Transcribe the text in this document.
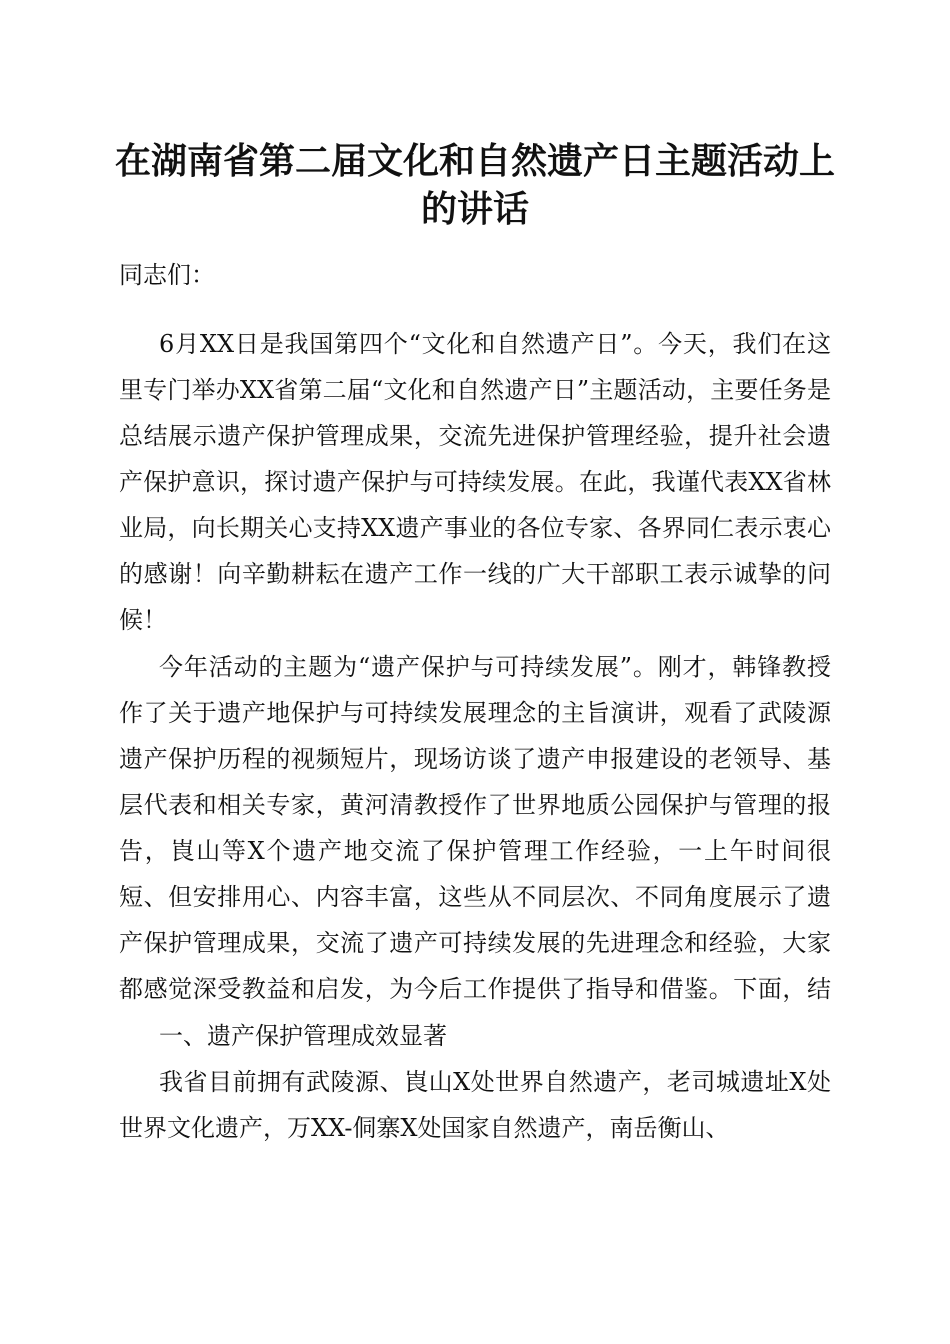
在湖南省第二届文化和自然遗产日主题活动上
的讲话

同志们：

6月XX日是我国第四个“文化和自然遗产日”。今天，我们在这里专门举办XX省第二届“文化和自然遗产日”主题活动，主要任务是总结展示遗产保护管理成果，交流先进保护管理经验，提升社会遗产保护意识，探讨遗产保护与可持续发展。在此，我谨代表XX省林业局，向长期关心支持XX遗产事业的各位专家、各界同仁表示衷心的感谢！向辛勤耕耘在遗产工作一线的广大干部职工表示诚挚的问候！

今年活动的主题为“遗产保护与可持续发展”。刚才，韩锋教授作了关于遗产地保护与可持续发展理念的主旨演讲，观看了武陵源遗产保护历程的视频短片，现场访谈了遗产申报建设的老领导、基层代表和相关专家，黄河清教授作了世界地质公园保护与管理的报告，崀山等X个遗产地交流了保护管理工作经验，一上午时间很短、但安排用心、内容丰富，这些从不同层次、不同角度展示了遗产保护管理成果，交流了遗产可持续发展的先进理念和经验，大家都感觉深受教益和启发，为今后工作提供了指导和借鉴。下面，结

一、遗产保护管理成效显著

我省目前拥有武陵源、崀山X处世界自然遗产，老司城遗址X处世界文化遗产，万XX-侗寨X处国家自然遗产，南岳衡山、
